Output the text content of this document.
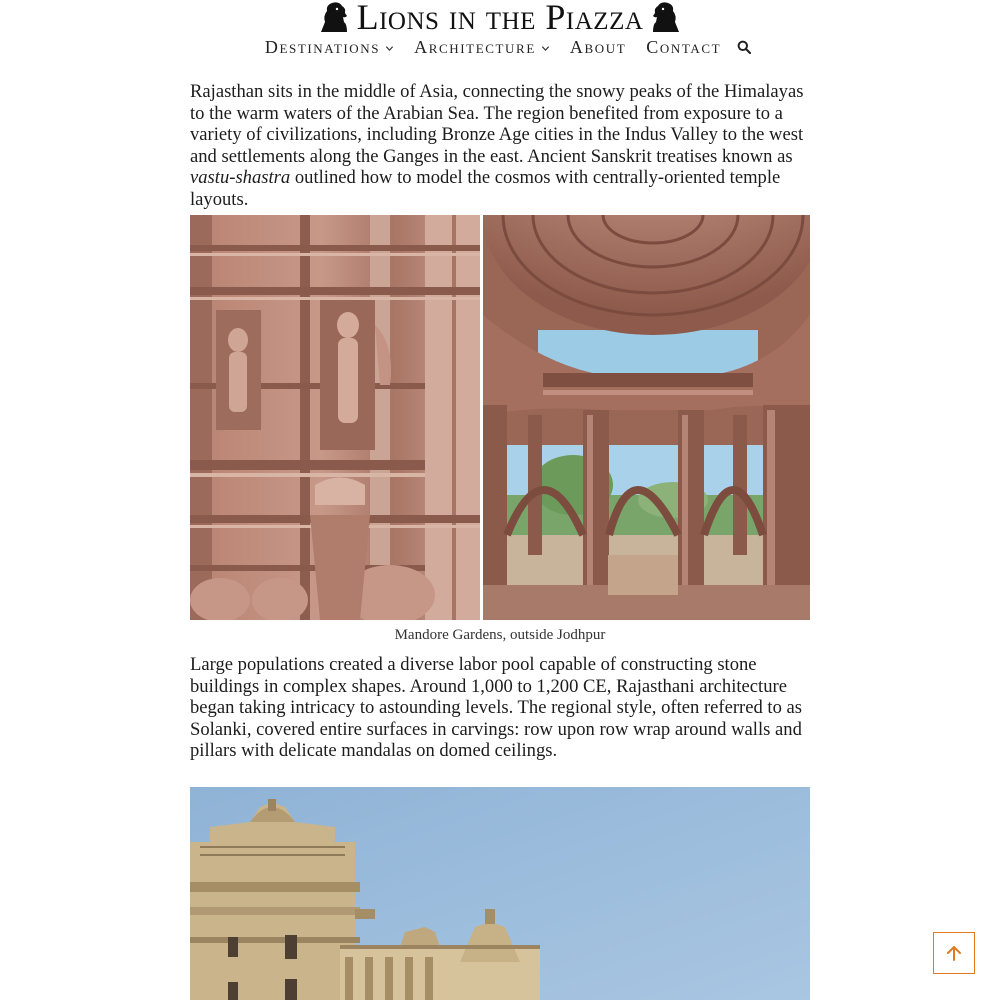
Lions in the Piazza
Destinations Architecture About Contact

Rajasthan sits in the middle of Asia, connecting the snowy peaks of the Himalayas to the warm waters of the Arabian Sea. The region benefited from exposure to a variety of civilizations, including Bronze Age cities in the Indus Valley to the west and settlements along the Ganges in the east. Ancient Sanskrit treatises known as vastu-shastra outlined how to model the cosmos with centrally-oriented temple layouts.

Mandore Gardens, outside Jodhpur

Large populations created a diverse labor pool capable of constructing stone buildings in complex shapes. Around 1,000 to 1,200 CE, Rajasthani architecture began taking intricacy to astounding levels. The regional style, often referred to as Solanki, covered entire surfaces in carvings: row upon row wrap around walls and pillars with delicate mandalas on domed ceilings.
